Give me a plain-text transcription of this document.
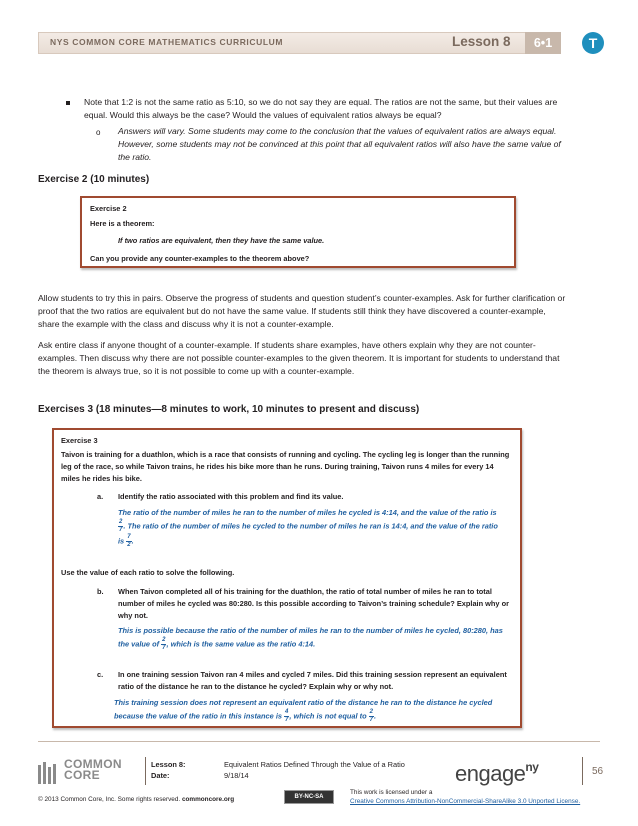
NYS COMMON CORE MATHEMATICS CURRICULUM	Lesson 8	6•1	T
Note that 1:2 is not the same ratio as 5:10, so we do not say they are equal. The ratios are not the same, but their values are equal. Would this always be the case? Would the values of equivalent ratios always be equal?
o Answers will vary. Some students may come to the conclusion that the values of equivalent ratios are always equal. However, some students may not be convinced at this point that all equivalent ratios will also have the same value of the ratio.
Exercise 2 (10 minutes)
Exercise 2
Here is a theorem:
If two ratios are equivalent, then they have the same value.
Can you provide any counter-examples to the theorem above?
Allow students to try this in pairs. Observe the progress of students and question student’s counter-examples. Ask for further clarification or proof that the two ratios are equivalent but do not have the same value. If students still think they have discovered a counter-example, share the example with the class and discuss why it is not a counter-example.
Ask entire class if anyone thought of a counter-example. If students share examples, have others explain why they are not counter-examples. Then discuss why there are not possible counter-examples to the given theorem. It is important for students to understand that the theorem is always true, so it is not possible to come up with a counter-example.
Exercises 3 (18 minutes—8 minutes to work, 10 minutes to present and discuss)
Exercise 3
Taivon is training for a duathlon, which is a race that consists of running and cycling. The cycling leg is longer than the running leg of the race, so while Taivon trains, he rides his bike more than he runs. During training, Taivon runs 4 miles for every 14 miles he rides his bike.
a. Identify the ratio associated with this problem and find its value.
The ratio of the number of miles he ran to the number of miles he cycled is 4:14, and the value of the ratio is

$\frac{2}{7}$ . The ratio of the number of miles he cycled to the number of miles he ran is 14:4, and the value of the ratio
is $\frac{7}{2}$ .
Use the value of each ratio to solve the following.
b. When Taivon completed all of his training for the duathlon, the ratio of total number of miles he ran to total number of miles he cycled was 80:280. Is this possible according to Taivon’s training schedule? Explain why or why not.
This is possible because the ratio of the number of miles he ran to the number of miles he cycled, 80:280, has
the value of $\frac{2}{7}$ , which is the same value as the ratio 4:14.
c. In one training session Taivon ran 4 miles and cycled 7 miles. Did this training session represent an equivalent ratio of the distance he ran to the distance he cycled? Explain why or why not.
This training session does not represent an equivalent ratio of the distance he ran to the distance he cycled
because the value of the ratio in this instance is $\frac{4}{7}$ , which is not equal to $\frac{2}{7}$ .
COMMON
CORE
Lesson 8:
Date:
Equivalent Ratios Defined Through the Value of a Ratio
9/18/14	engage$^{ny}$	56
© 2013 Common Core, Inc. Some rights reserved. commoncore.org	BY-NC-SA
This work is licensed under a
Creative Commons Attribution-NonCommercial-ShareAlike 3.0 Unported License.
